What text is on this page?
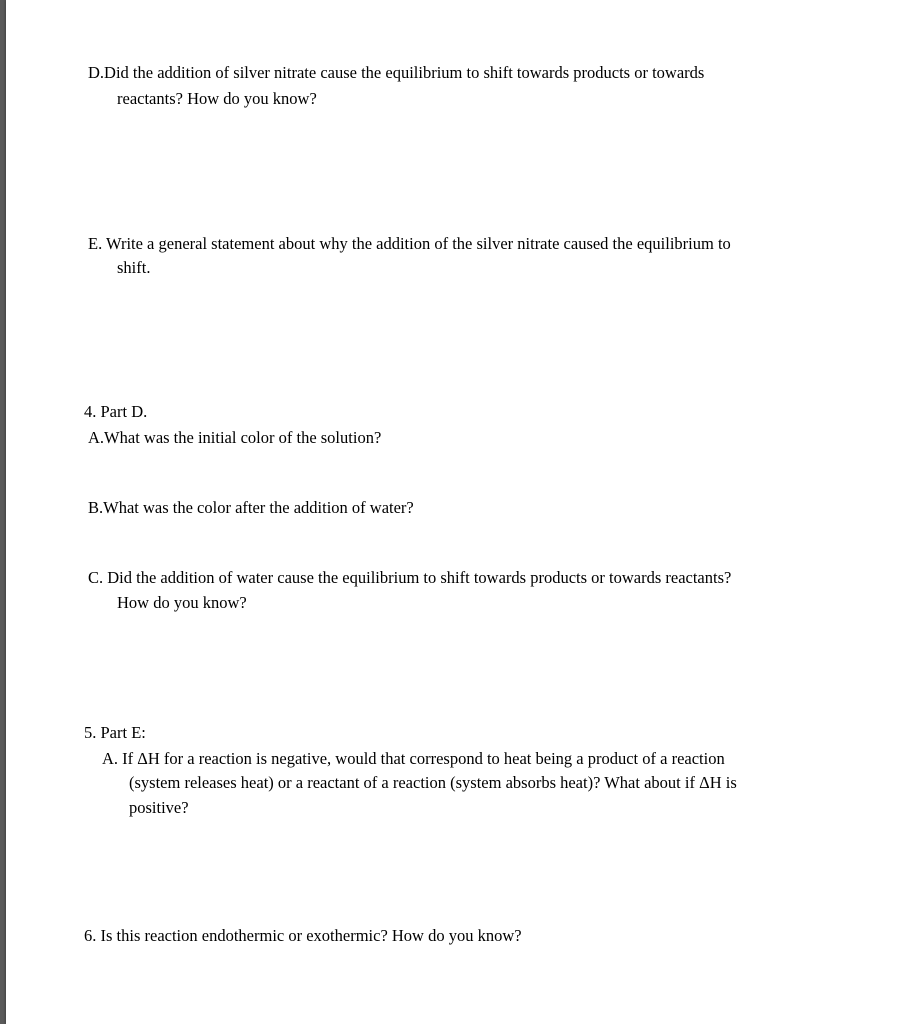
D.Did the addition of silver nitrate cause the equilibrium to shift towards products or towards
reactants? How do you know?
E. Write a general statement about why the addition of the silver nitrate caused the equilibrium to
shift.
4. Part D.
A.What was the initial color of the solution?
B.What was the color after the addition of water?
C. Did the addition of water cause the equilibrium to shift towards products or towards reactants?
How do you know?
5. Part E:
A. If ΔH for a reaction is negative, would that correspond to heat being a product of a reaction
(system releases heat) or a reactant of a reaction (system absorbs heat)? What about if ΔH is
positive?
6. Is this reaction endothermic or exothermic? How do you know?
